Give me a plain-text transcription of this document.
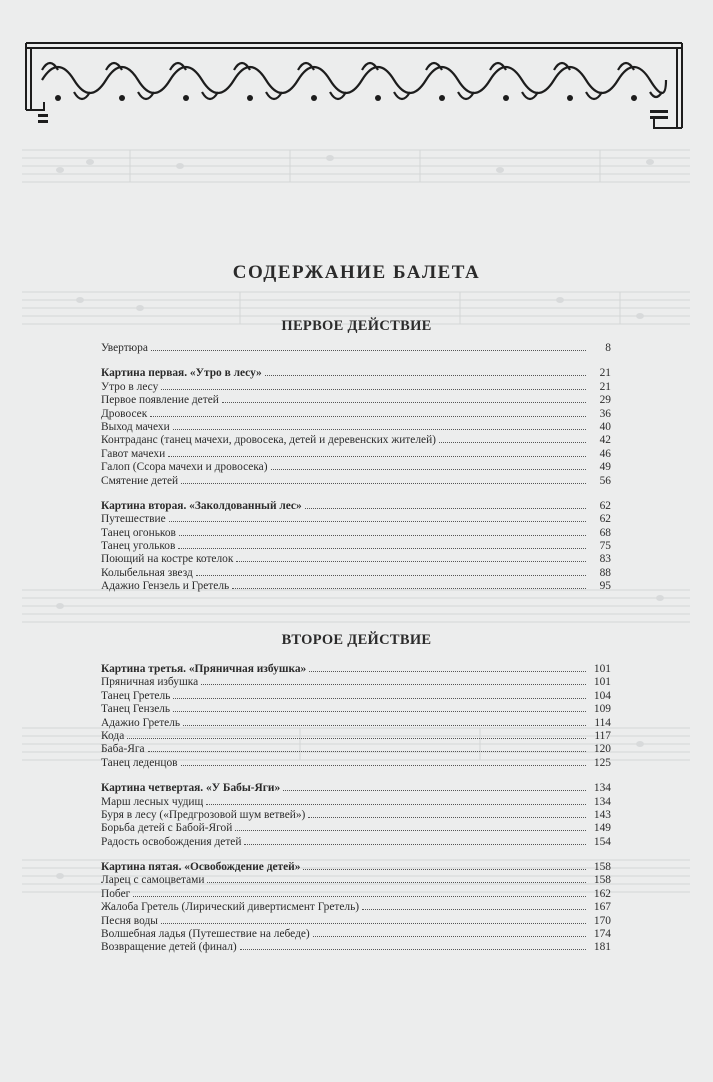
СОДЕРЖАНИЕ БАЛЕТА
ПЕРВОЕ ДЕЙСТВИЕ
Увертюра	8
Картина первая. «Утро в лесу»	21
Утро в лесу	21
Первое появление детей	29
Дровосек	36
Выход мачехи	40
Контраданс (танец мачехи, дровосека, детей и деревенских жителей)	42
Гавот мачехи	46
Галоп (Ссора мачехи и дровосека)	49
Смятение детей	56
Картина вторая. «Заколдованный лес»	62
Путешествие	62
Танец огоньков	68
Танец угольков	75
Поющий на костре котелок	83
Колыбельная звезд	88
Адажио Гензель и Гретель	95
ВТОРОЕ ДЕЙСТВИЕ
Картина третья. «Пряничная избушка»	101
Пряничная избушка	101
Танец Гретель	104
Танец Гензель	109
Адажио Гретель	114
Кода	117
Баба-Яга	120
Танец леденцов	125
Картина четвертая. «У Бабы-Яги»	134
Марш лесных чудищ	134
Буря в лесу («Предгрозовой шум ветвей»)	143
Борьба детей с Бабой-Ягой	149
Радость освобождения детей	154
Картина пятая. «Освобождение детей»	158
Ларец с самоцветами	158
Побег	162
Жалоба Гретель (Лирический дивертисмент Гретель)	167
Песня воды	170
Волшебная ладья (Путешествие на лебеде)	174
Возвращение детей (финал)	181
